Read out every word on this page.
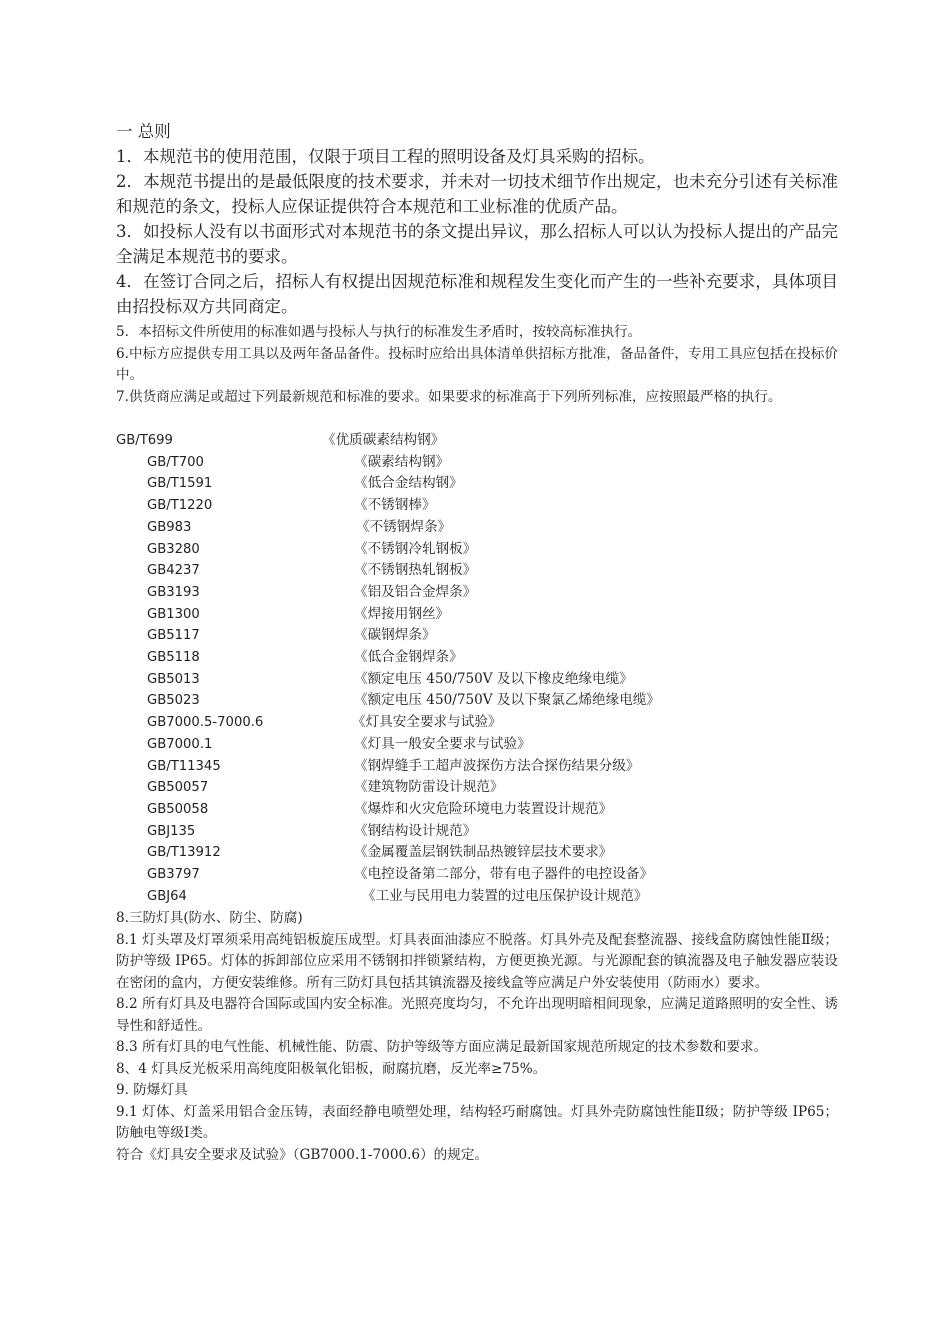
一 总则

1．本规范书的使用范围，仅限于项目工程的照明设备及灯具采购的招标。

2．本规范书提出的是最低限度的技术要求，并未对一切技术细节作出规定，也未充分引述有关标准和规范的条文，投标人应保证提供符合本规范和工业标准的优质产品。

3．如投标人没有以书面形式对本规范书的条文提出异议，那么招标人可以认为投标人提出的产品完全满足本规范书的要求。

4．在签订合同之后，招标人有权提出因规范标准和规程发生变化而产生的一些补充要求，具体项目由招投标双方共同商定。

5．本招标文件所使用的标准如遇与投标人与执行的标准发生矛盾时，按较高标准执行。

6.中标方应提供专用工具以及两年备品备件。投标时应给出具体清单供招标方批准，备品备件，专用工具应包括在投标价中。

7.供货商应满足或超过下列最新规范和标准的要求。如果要求的标准高于下列所列标准，应按照最严格的执行。

GB/T699	《优质碳素结构钢》
GB/T700	《碳素结构钢》
GB/T1591	《低合金结构钢》
GB/T1220	《不锈钢棒》
GB983	《不锈钢焊条》
GB3280	《不锈钢冷轧钢板》
GB4237	《不锈钢热轧钢板》
GB3193	《铝及铝合金焊条》
GB1300	《焊接用钢丝》
GB5117	《碳钢焊条》
GB5118	《低合金钢焊条》
GB5013	《额定电压 450/750V 及以下橡皮绝缘电缆》
GB5023	《额定电压 450/750V 及以下聚氯乙烯绝缘电缆》
GB7000.5-7000.6	《灯具安全要求与试验》
GB7000.1	《灯具一般安全要求与试验》
GB/T11345	《钢焊缝手工超声波探伤方法合探伤结果分级》
GB50057	《建筑物防雷设计规范》
GB50058	《爆炸和火灾危险环境电力装置设计规范》
GBJ135	《钢结构设计规范》
GB/T13912	《金属覆盖层钢铁制品热镀锌层技术要求》
GB3797	《电控设备第二部分，带有电子器件的电控设备》
GBJ64	《工业与民用电力装置的过电压保护设计规范》

8.三防灯具(防水、防尘、防腐)

8.1 灯头罩及灯罩须采用高纯铝板旋压成型。灯具表面油漆应不脱落。灯具外壳及配套整流器、接线盒防腐蚀性能Ⅱ级；防护等级 IP65。灯体的拆卸部位应采用不锈钢扣拌锁紧结构，方便更换光源。与光源配套的镇流器及电子触发器应装设在密闭的盒内，方便安装维修。所有三防灯具包括其镇流器及接线盒等应满足户外安装使用（防雨水）要求。

8.2 所有灯具及电器符合国际或国内安全标准。光照亮度均匀，不允许出现明暗相间现象，应满足道路照明的安全性、诱导性和舒适性。

8.3 所有灯具的电气性能、机械性能、防震、防护等级等方面应满足最新国家规范所规定的技术参数和要求。

8、4 灯具反光板采用高纯度阳极氧化铝板，耐腐抗磨，反光率≥75%。

9. 防爆灯具

9.1 灯体、灯盖采用铝合金压铸，表面经静电喷塑处理，结构轻巧耐腐蚀。灯具外壳防腐蚀性能Ⅱ级；防护等级 IP65；防触电等级Ⅰ类。

符合《灯具安全要求及试验》（GB7000.1-7000.6）的规定。
